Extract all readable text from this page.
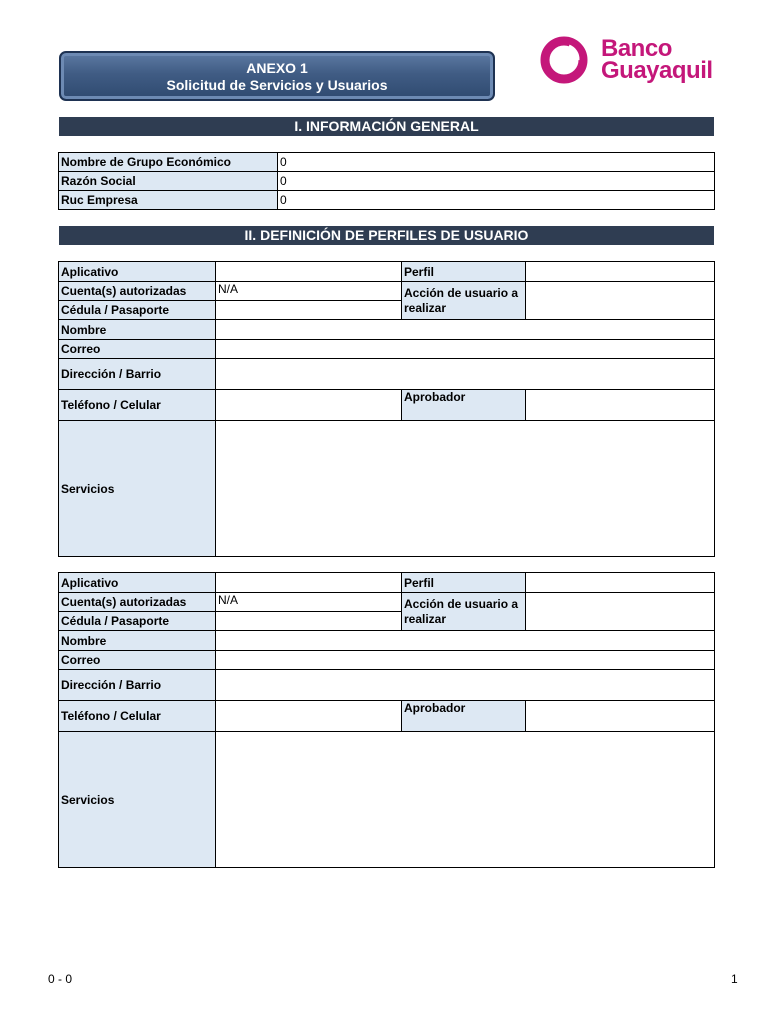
ANEXO 1
Solicitud de Servicios y Usuarios
Banco
Guayaquil
I. INFORMACIÓN GENERAL
Nombre de Grupo Económico	0
Razón Social	0
Ruc Empresa	0
II. DEFINICIÓN DE PERFILES DE USUARIO
Aplicativo		Perfil	
Cuenta(s) autorizadas	N/A	Acción de usuario a realizar	
Cédula / Pasaporte			
Nombre			
Correo			
Dirección / Barrio			
Teléfono / Celular		Aprobador	
Servicios			
Aplicativo		Perfil	
Cuenta(s) autorizadas	N/A	Acción de usuario a realizar	
Cédula / Pasaporte			
Nombre			
Correo			
Dirección / Barrio			
Teléfono / Celular		Aprobador	
Servicios			
0 - 0	1
